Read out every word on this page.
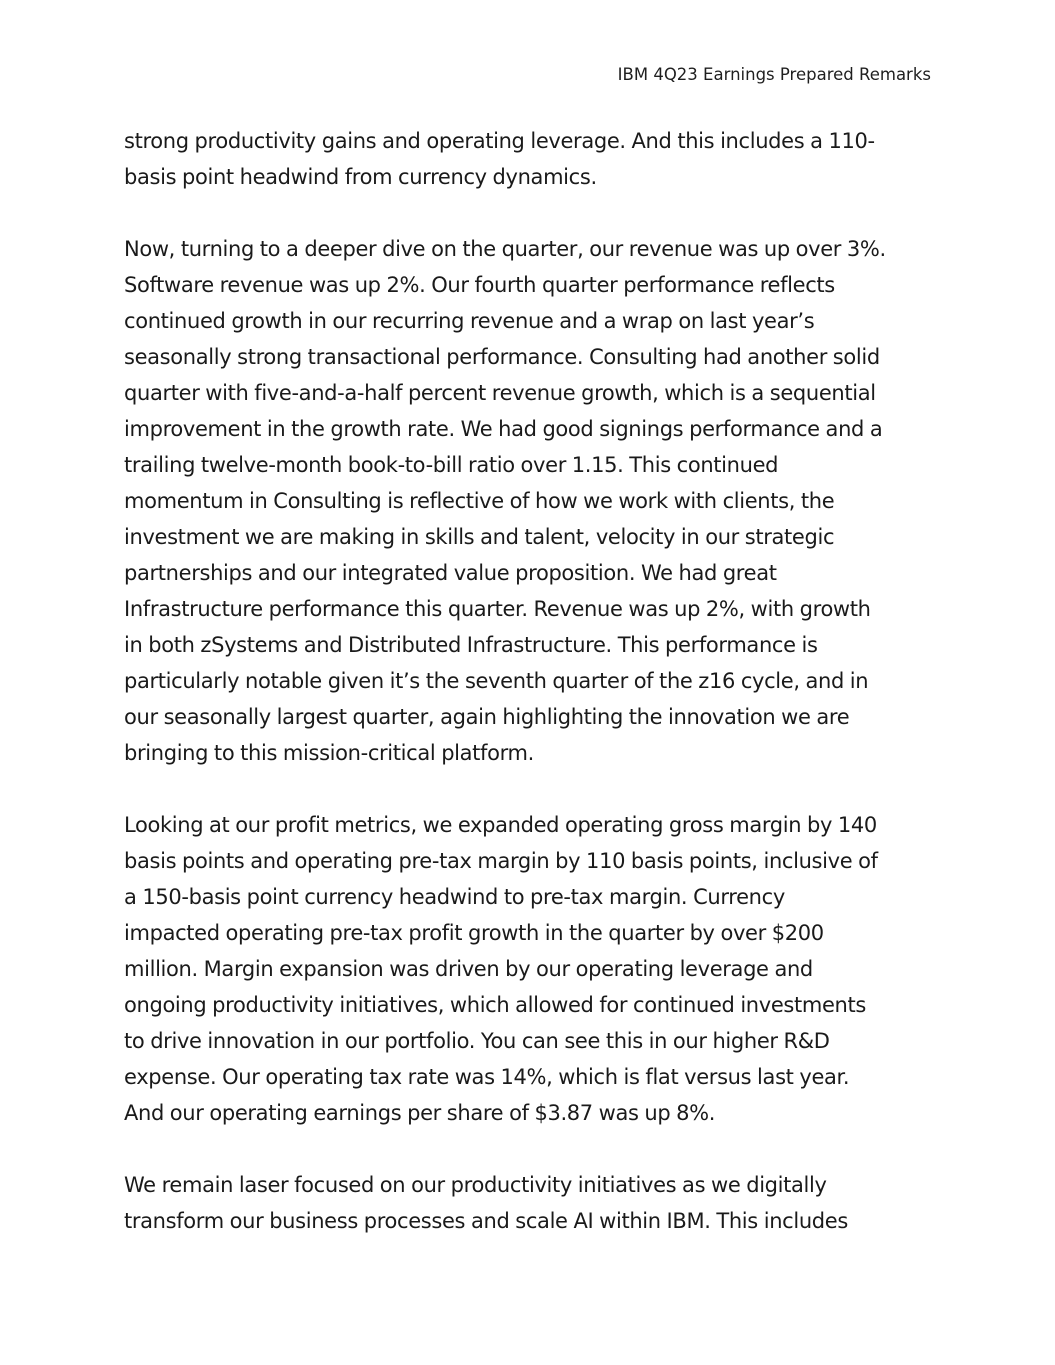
IBM 4Q23 Earnings Prepared Remarks

strong productivity gains and operating leverage. And this includes a 110-
basis point headwind from currency dynamics.

Now, turning to a deeper dive on the quarter, our revenue was up over 3%.
Software revenue was up 2%. Our fourth quarter performance reflects
continued growth in our recurring revenue and a wrap on last year’s
seasonally strong transactional performance. Consulting had another solid
quarter with five-and-a-half percent revenue growth, which is a sequential
improvement in the growth rate. We had good signings performance and a
trailing twelve-month book-to-bill ratio over 1.15. This continued
momentum in Consulting is reflective of how we work with clients, the
investment we are making in skills and talent, velocity in our strategic
partnerships and our integrated value proposition. We had great
Infrastructure performance this quarter. Revenue was up 2%, with growth
in both zSystems and Distributed Infrastructure. This performance is
particularly notable given it’s the seventh quarter of the z16 cycle, and in
our seasonally largest quarter, again highlighting the innovation we are
bringing to this mission-critical platform.

Looking at our profit metrics, we expanded operating gross margin by 140
basis points and operating pre-tax margin by 110 basis points, inclusive of
a 150-basis point currency headwind to pre-tax margin. Currency
impacted operating pre-tax profit growth in the quarter by over $200
million. Margin expansion was driven by our operating leverage and
ongoing productivity initiatives, which allowed for continued investments
to drive innovation in our portfolio. You can see this in our higher R&D
expense. Our operating tax rate was 14%, which is flat versus last year.
And our operating earnings per share of $3.87 was up 8%.

We remain laser focused on our productivity initiatives as we digitally
transform our business processes and scale AI within IBM. This includes
